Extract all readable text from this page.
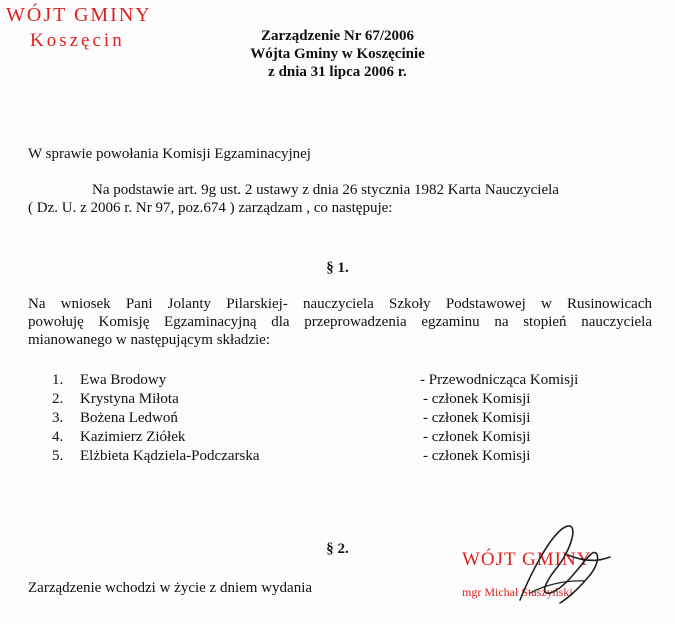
WÓJT GMINY
Koszęcin	Zarządzenie Nr 67/2006
Wójta Gminy w Koszęcinie
z dnia 31 lipca 2006 r.
W sprawie powołania Komisji Egzaminacyjnej
Na podstawie art. 9g ust. 2 ustawy z dnia 26 stycznia 1982 Karta Nauczyciela
( Dz. U. z 2006 r. Nr 97, poz.674 ) zarządzam , co następuje:
§ 1.
Na wniosek Pani Jolanty Pilarskiej- nauczyciela Szkoły Podstawowej w Rusinowicach
powołuję Komisję Egzaminacyjną dla przeprowadzenia egzaminu na stopień nauczyciela
mianowanego w następującym składzie:
1. Ewa Brodowy	- Przewodnicząca Komisji
2. Krystyna Miłota	- członek Komisji
3. Bożena Ledwoń	- członek Komisji
4. Kazimierz Ziółek	- członek Komisji
5. Elżbieta Kądziela-Podczarska	- członek Komisji
§ 2.
Zarządzenie wchodzi w życie z dniem wydania
WÓJT GMINY
mgr Michał Staszyński
